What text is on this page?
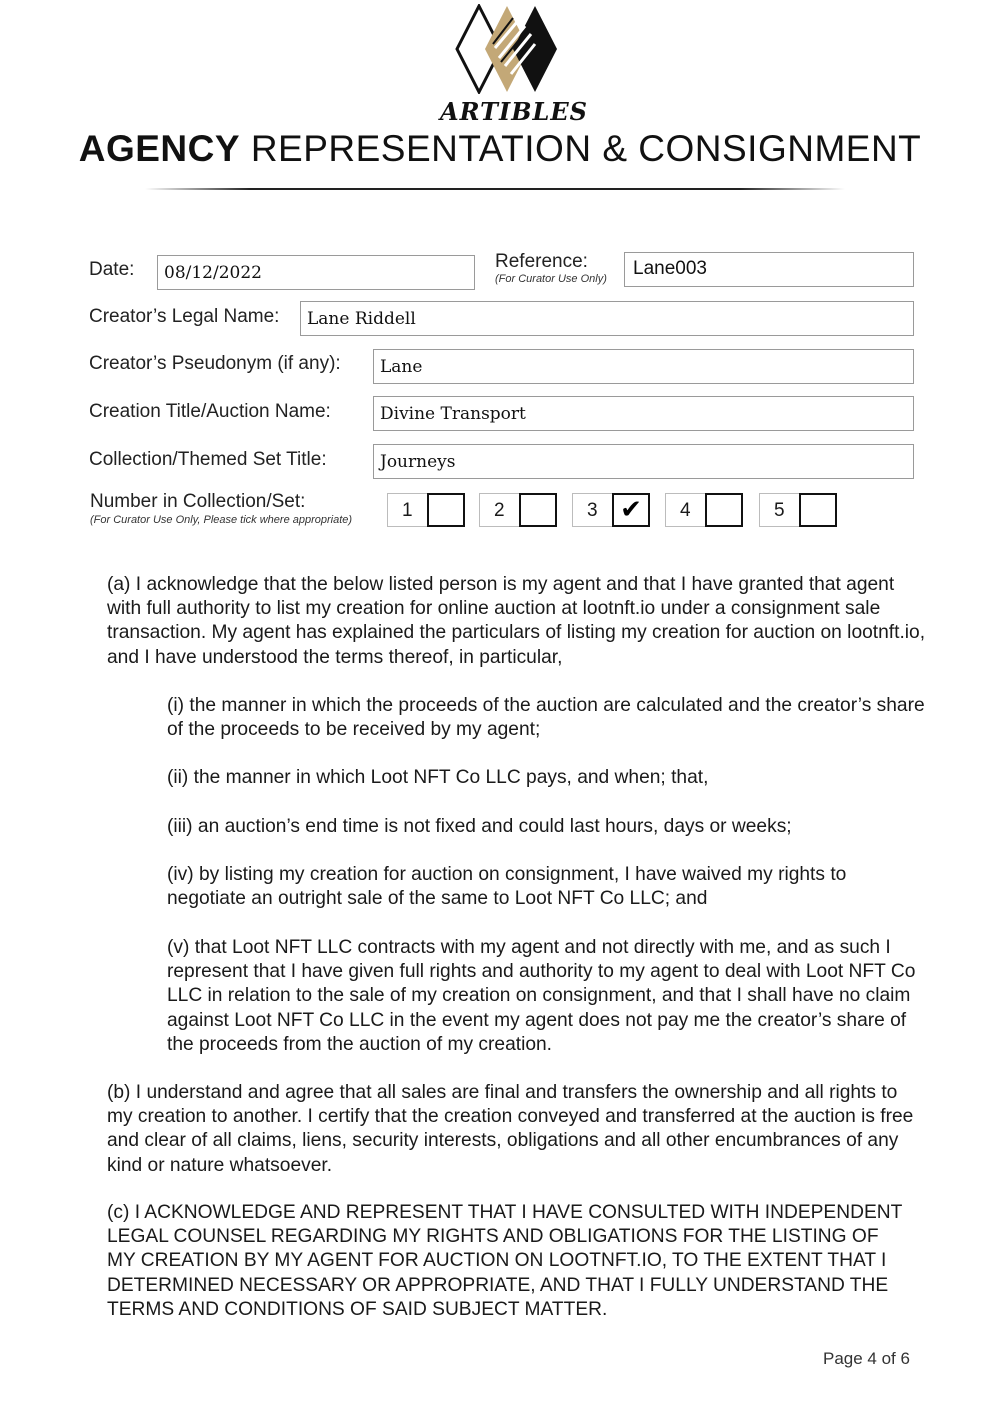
ARTIBLES
AGENCY REPRESENTATION & CONSIGNMENT
Date:	08/12/2022
Reference:
(For Curator Use Only)	Lane003
Creator’s Legal Name:	Lane Riddell
Creator’s Pseudonym (if any):	Lane
Creation Title/Auction Name:	Divine Transport
Collection/Themed Set Title:	Journeys
Number in Collection/Set:
(For Curator Use Only, Please tick where appropriate)	1	2	3 ✔	4	5

(a) I acknowledge that the below listed person is my agent and that I have granted that agent with full authority to list my creation for online auction at lootnft.io under a consignment sale transaction. My agent has explained the particulars of listing my creation for auction on lootnft.io, and I have understood the terms thereof, in particular,

(i) the manner in which the proceeds of the auction are calculated and the creator’s share of the proceeds to be received by my agent;

(ii) the manner in which Loot NFT Co LLC pays, and when; that,

(iii) an auction’s end time is not fixed and could last hours, days or weeks;

(iv) by listing my creation for auction on consignment, I have waived my rights to negotiate an outright sale of the same to Loot NFT Co LLC; and

(v) that Loot NFT LLC contracts with my agent and not directly with me, and as such I represent that I have given full rights and authority to my agent to deal with Loot NFT Co LLC in relation to the sale of my creation on consignment, and that I shall have no claim against Loot NFT Co LLC in the event my agent does not pay me the creator’s share of the proceeds from the auction of my creation.

(b) I understand and agree that all sales are final and transfers the ownership and all rights to my creation to another. I certify that the creation conveyed and transferred at the auction is free and clear of all claims, liens, security interests, obligations and all other encumbrances of any kind or nature whatsoever.

(c) I ACKNOWLEDGE AND REPRESENT THAT I HAVE CONSULTED WITH INDEPENDENT LEGAL COUNSEL REGARDING MY RIGHTS AND OBLIGATIONS FOR THE LISTING OF MY CREATION BY MY AGENT FOR AUCTION ON LOOTNFT.IO, TO THE EXTENT THAT I DETERMINED NECESSARY OR APPROPRIATE, AND THAT I FULLY UNDERSTAND THE TERMS AND CONDITIONS OF SAID SUBJECT MATTER.

Page 4 of 6
